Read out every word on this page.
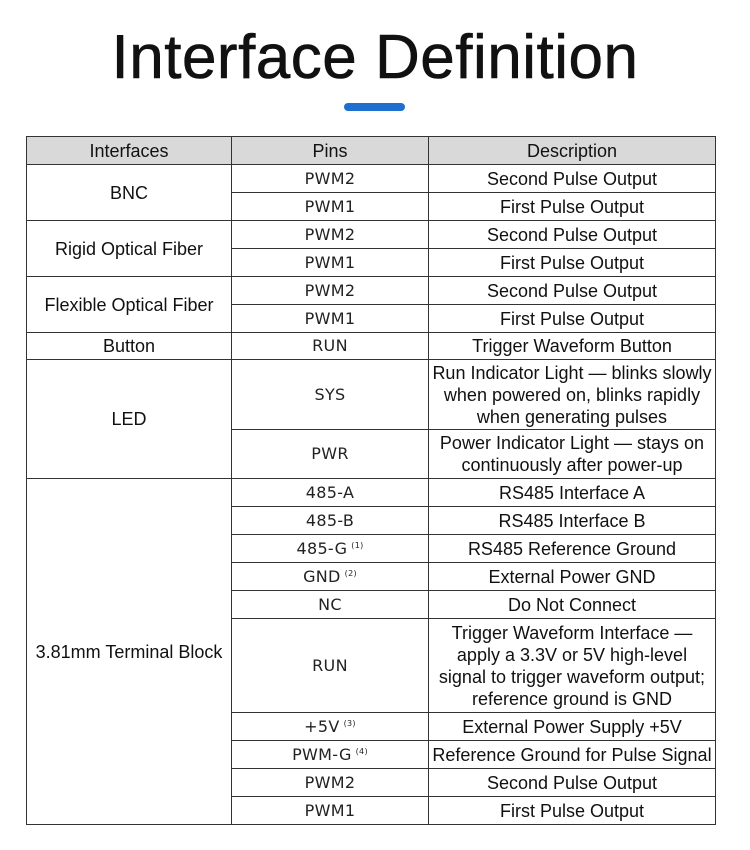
Interface Definition
Interfaces	Pins	Description
BNC	PWM2	Second Pulse Output
	PWM1	First Pulse Output
Rigid Optical Fiber	PWM2	Second Pulse Output
	PWM1	First Pulse Output
Flexible Optical Fiber	PWM2	Second Pulse Output
	PWM1	First Pulse Output
Button	RUN	Trigger Waveform Button
LED	SYS	Run Indicator Light — blinks slowly when powered on, blinks rapidly when generating pulses
	PWR	Power Indicator Light — stays on continuously after power-up
3.81mm Terminal Block	485-A	RS485 Interface A
	485-B	RS485 Interface B
	485-G $^{(1)}$	RS485 Reference Ground
	GND $^{(2)}$	External Power GND
	NC	Do Not Connect
	RUN	Trigger Waveform Interface — apply a 3.3V or 5V high-level signal to trigger waveform output; reference ground is GND
	+5V $^{(3)}$	External Power Supply +5V
	PWM-G $^{(4)}$	Reference Ground for Pulse Signal
	PWM2	Second Pulse Output
	PWM1	First Pulse Output
